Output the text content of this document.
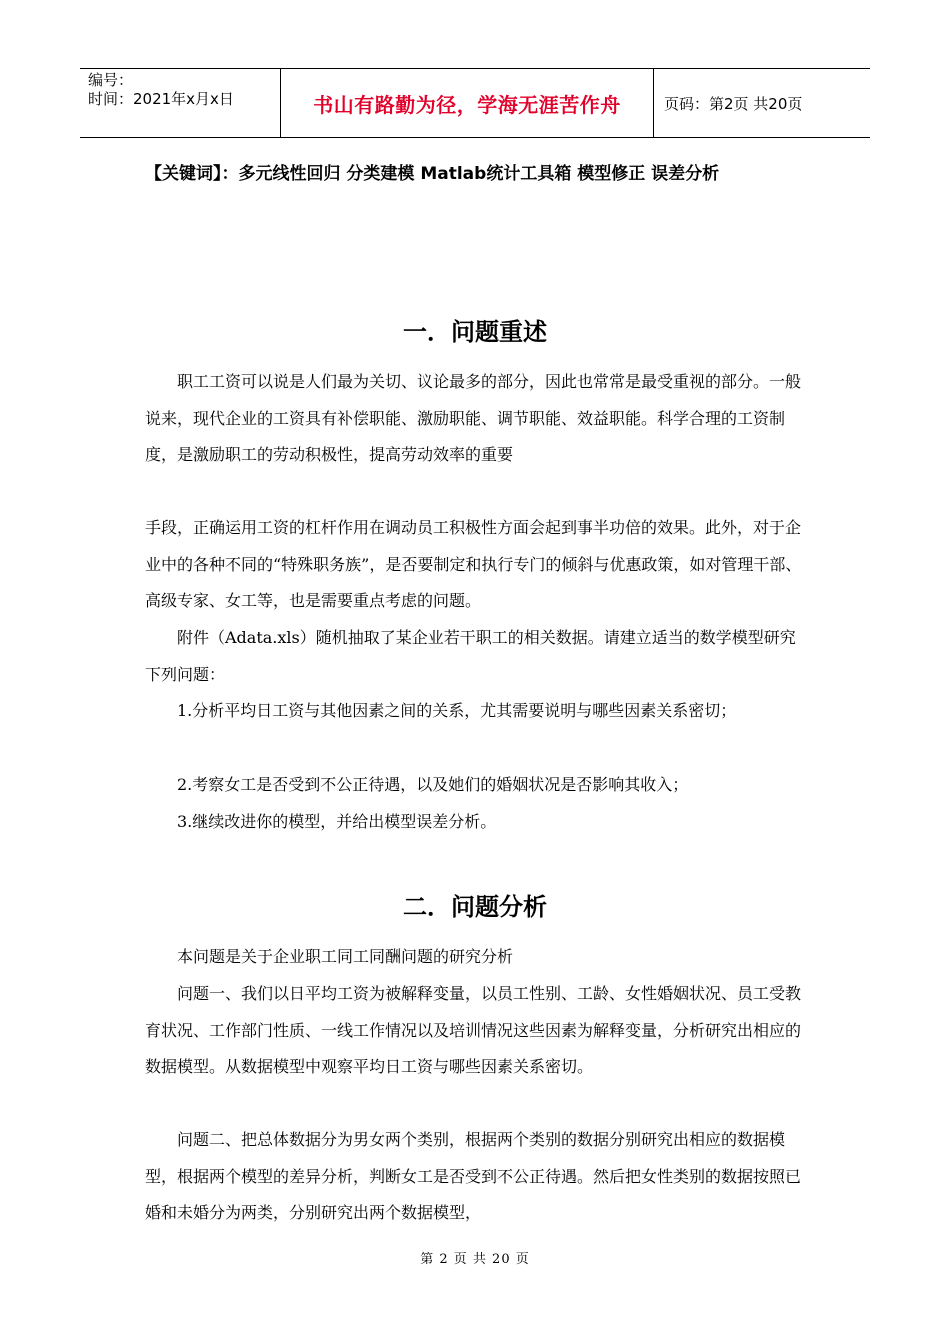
编号：
时间：2021年x月x日	书山有路勤为径，学海无涯苦作舟	页码：第2页 共20页
【关键词】：多元线性回归 分类建模 Matlab统计工具箱 模型修正 误差分析
一．问题重述

职工工资可以说是人们最为关切、议论最多的部分，因此也常常是最受重视的部分。一般说来，现代企业的工资具有补偿职能、激励职能、调节职能、效益职能。科学合理的工资制度，是激励职工的劳动积极性，提高劳动效率的重要

手段，正确运用工资的杠杆作用在调动员工积极性方面会起到事半功倍的效果。此外，对于企业中的各种不同的“特殊职务族”，是否要制定和执行专门的倾斜与优惠政策，如对管理干部、高级专家、女工等，也是需要重点考虑的问题。

附件（Adata.xls）随机抽取了某企业若干职工的相关数据。请建立适当的数学模型研究下列问题：

1.分析平均日工资与其他因素之间的关系，尤其需要说明与哪些因素关系密切；

2.考察女工是否受到不公正待遇，以及她们的婚姻状况是否影响其收入；

3.继续改进你的模型，并给出模型误差分析。

二．问题分析

本问题是关于企业职工同工同酬问题的研究分析

问题一、我们以日平均工资为被解释变量，以员工性别、工龄、女性婚姻状况、员工受教育状况、工作部门性质、一线工作情况以及培训情况这些因素为解释变量，分析研究出相应的数据模型。从数据模型中观察平均日工资与哪些因素关系密切。

问题二、把总体数据分为男女两个类别，根据两个类别的数据分别研究出相应的数据模型，根据两个模型的差异分析，判断女工是否受到不公正待遇。然后把女性类别的数据按照已婚和未婚分为两类，分别研究出两个数据模型，

第 2 页 共 20 页
